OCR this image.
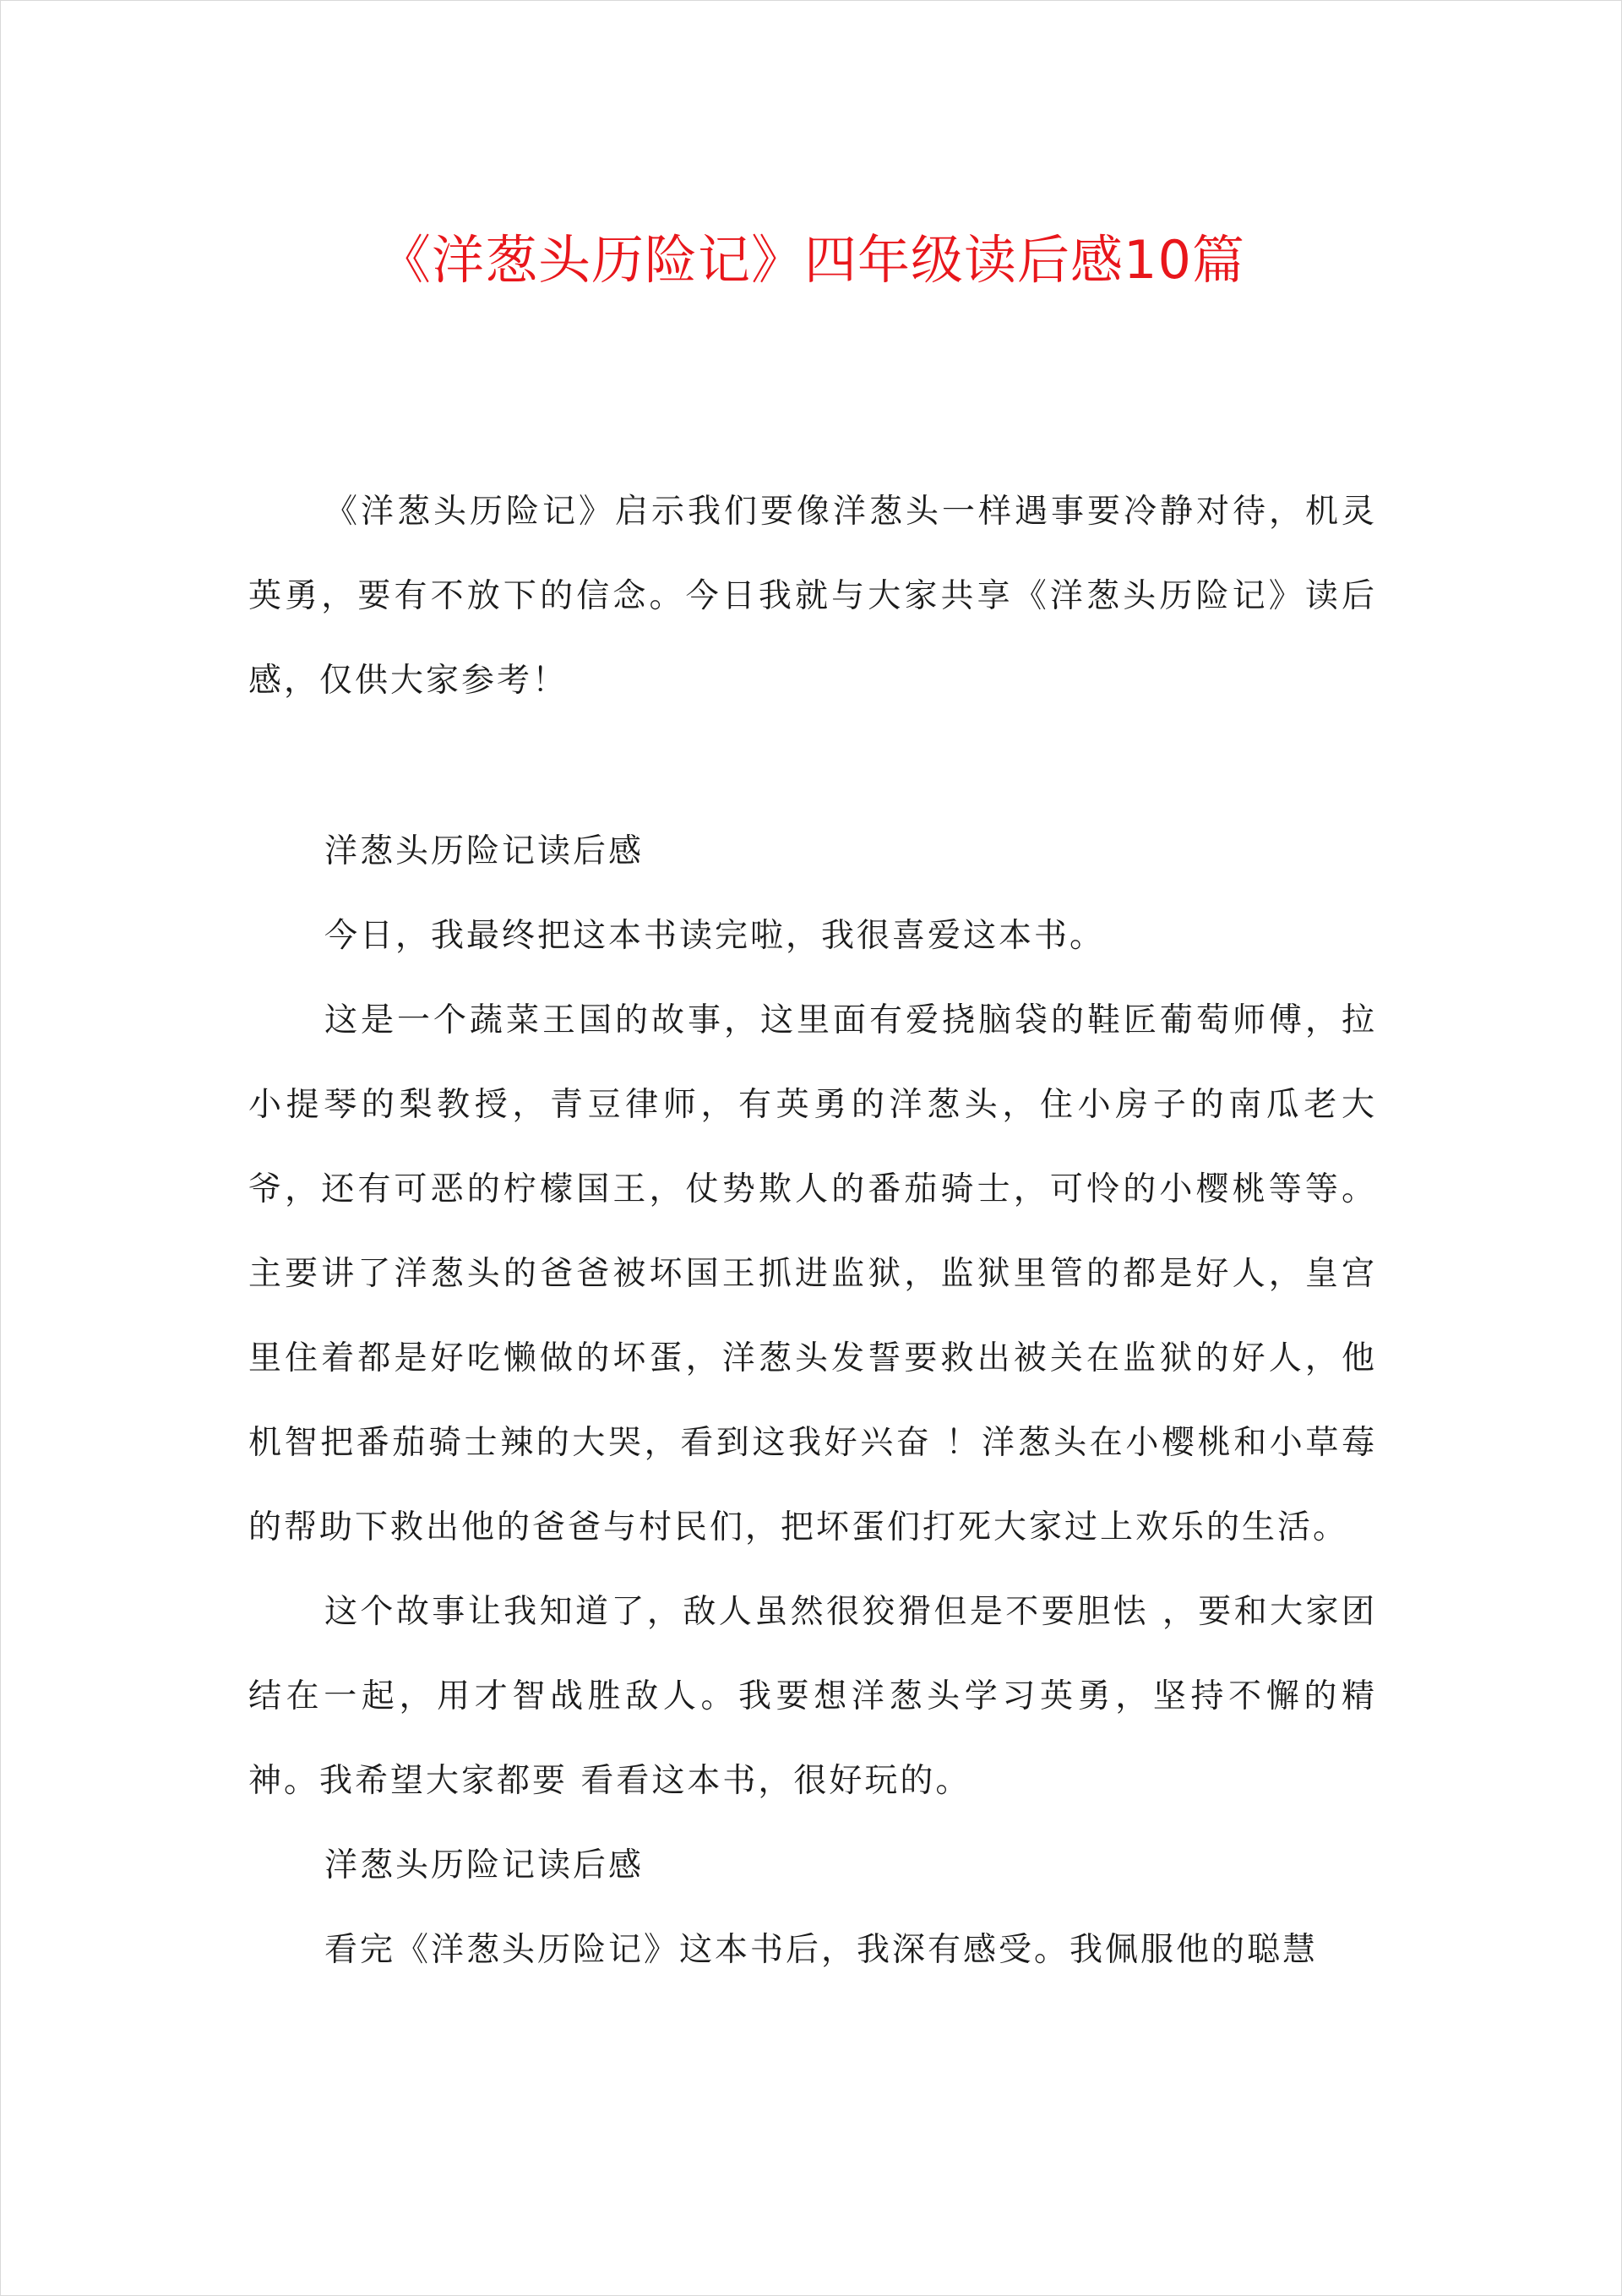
《洋葱头历险记》四年级读后感10篇

《洋葱头历险记》启示我们要像洋葱头一样遇事要冷静对待，机灵英勇，要有不放下的信念。今日我就与大家共享《洋葱头历险记》读后感，仅供大家参考！

洋葱头历险记读后感

今日，我最终把这本书读完啦，我很喜爱这本书。

这是一个蔬菜王国的故事，这里面有爱挠脑袋的鞋匠葡萄师傅，拉小提琴的梨教授，青豆律师，有英勇的洋葱头，住小房子的南瓜老大爷，还有可恶的柠檬国王，仗势欺人的番茄骑士，可怜的小樱桃等等。主要讲了洋葱头的爸爸被坏国王抓进监狱，监狱里管的都是好人，皇宫里住着都是好吃懒做的坏蛋，洋葱头发誓要救出被关在监狱的好人，他机智把番茄骑士辣的大哭，看到这我好兴奋 ！洋葱头在小樱桃和小草莓的帮助下救出他的爸爸与村民们，把坏蛋们打死大家过上欢乐的生活。

这个故事让我知道了，敌人虽然很狡猾但是不要胆怯 ，要和大家团结在一起，用才智战胜敌人。我要想洋葱头学习英勇，坚持不懈的精神。我希望大家都要 看看这本书，很好玩的。

洋葱头历险记读后感

看完《洋葱头历险记》这本书后，我深有感受。我佩服他的聪慧
